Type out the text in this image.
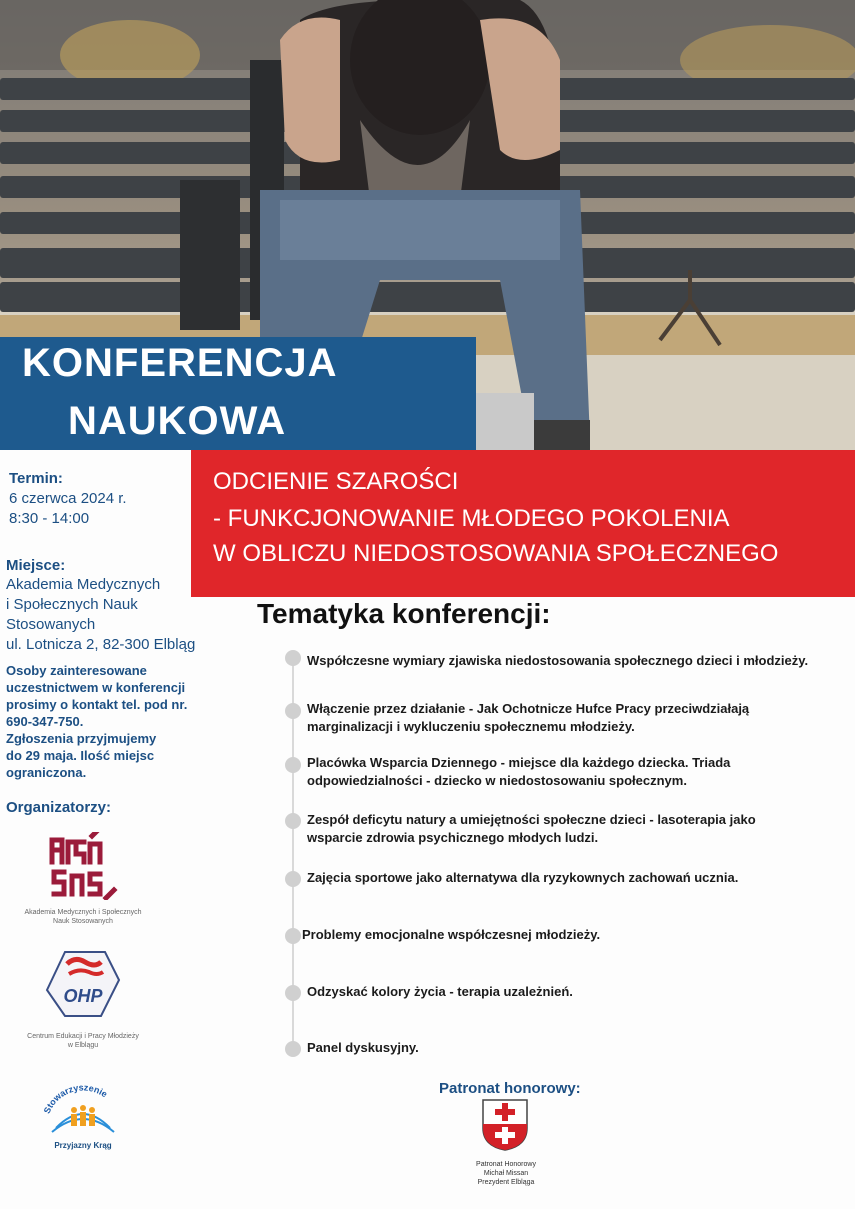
KONFERENCJA
NAUKOWA
ODCIENIE SZAROŚCI
- FUNKCJONOWANIE MŁODEGO POKOLENIA
W OBLICZU NIEDOSTOSOWANIA SPOŁECZNEGO
Termin:
6 czerwca 2024 r.
8:30 - 14:00
Miejsce:
Akademia Medycznych
i Społecznych Nauk
Stosowanych
ul. Lotnicza 2, 82-300 Elbląg
Osoby zainteresowane
uczestnictwem w konferencji
prosimy o kontakt tel. pod nr.
690-347-750.
Zgłoszenia przyjmujemy
do 29 maja. Ilość miejsc
ograniczona.
Organizatorzy:
Akademia Medycznych i Społecznych
Nauk Stosowanych
OHP
Centrum Edukacji i Pracy Młodzieży
w Elblągu
Stowarzyszenie
Przyjazny Krąg
Tematyka konferencji:
Współczesne wymiary zjawiska niedostosowania społecznego dzieci i młodzieży.
Włączenie przez działanie - Jak Ochotnicze Hufce Pracy przeciwdziałają
marginalizacji i wykluczeniu społecznemu młodzieży.
Placówka Wsparcia Dziennego - miejsce dla każdego dziecka. Triada
odpowiedzialności - dziecko w niedostosowaniu społecznym.
Zespół deficytu natury a umiejętności społeczne dzieci - lasoterapia jako
wsparcie zdrowia psychicznego młodych ludzi.
Zajęcia sportowe jako alternatywa dla ryzykownych zachowań ucznia.
Problemy emocjonalne współczesnej młodzieży.
Odzyskać kolory życia - terapia uzależnień.
Panel dyskusyjny.
Patronat honorowy:
Patronat Honorowy
Michał Missan
Prezydent Elbląga
